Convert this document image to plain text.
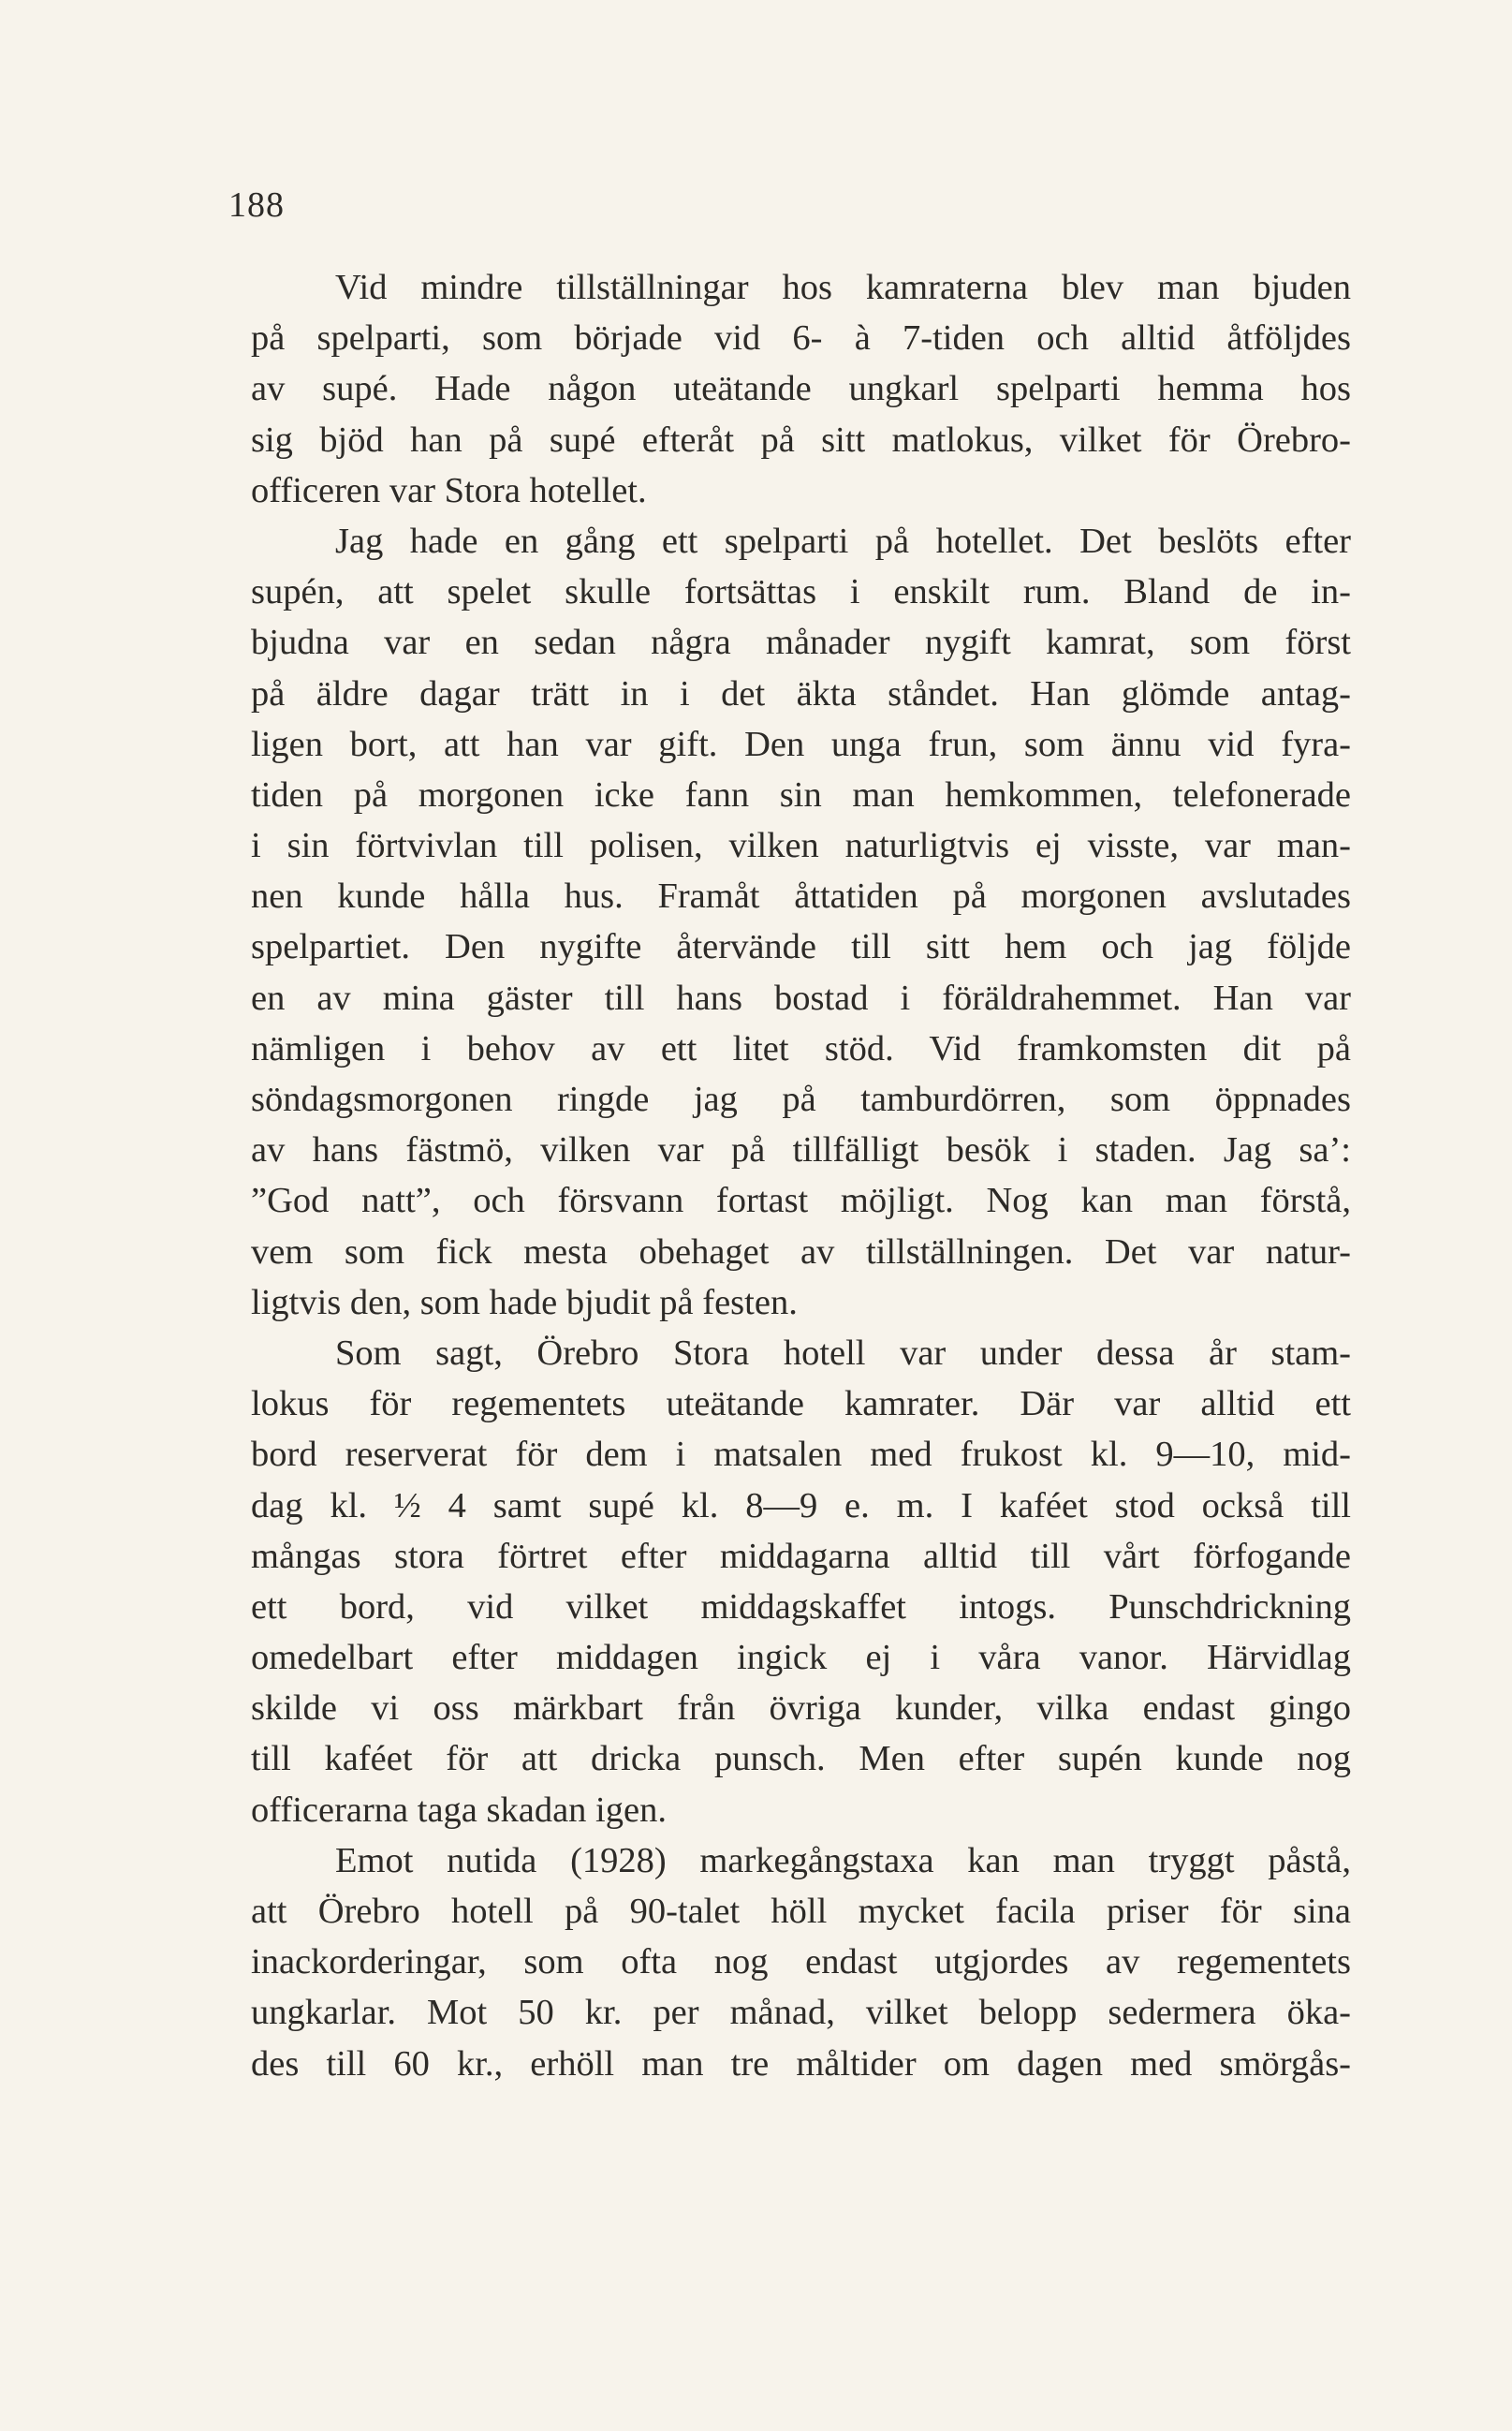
188

Vid mindre tillställningar hos kamraterna blev man bjuden
på spelparti, som började vid 6- à 7-tiden och alltid åtföljdes
av supé. Hade någon uteätande ungkarl spelparti hemma hos
sig bjöd han på supé efteråt på sitt matlokus, vilket för Örebro-
officeren var Stora hotellet.
Jag hade en gång ett spelparti på hotellet. Det beslöts efter
supén, att spelet skulle fortsättas i enskilt rum. Bland de in-
bjudna var en sedan några månader nygift kamrat, som först
på äldre dagar trätt in i det äkta ståndet. Han glömde antag-
ligen bort, att han var gift. Den unga frun, som ännu vid fyra-
tiden på morgonen icke fann sin man hemkommen, telefonerade
i sin förtvivlan till polisen, vilken naturligtvis ej visste, var man-
nen kunde hålla hus. Framåt åttatiden på morgonen avslutades
spelpartiet. Den nygifte återvände till sitt hem och jag följde
en av mina gäster till hans bostad i föräldrahemmet. Han var
nämligen i behov av ett litet stöd. Vid framkomsten dit på
söndagsmorgonen ringde jag på tamburdörren, som öppnades
av hans fästmö, vilken var på tillfälligt besök i staden. Jag sa’:
”God natt”, och försvann fortast möjligt. Nog kan man förstå,
vem som fick mesta obehaget av tillställningen. Det var natur-
ligtvis den, som hade bjudit på festen.
Som sagt, Örebro Stora hotell var under dessa år stam-
lokus för regementets uteätande kamrater. Där var alltid ett
bord reserverat för dem i matsalen med frukost kl. 9—10, mid-
dag kl. ½ 4 samt supé kl. 8—9 e. m. I kaféet stod också till
mångas stora förtret efter middagarna alltid till vårt förfogande
ett bord, vid vilket middagskaffet intogs. Punschdrickning
omedelbart efter middagen ingick ej i våra vanor. Härvidlag
skilde vi oss märkbart från övriga kunder, vilka endast gingo
till kaféet för att dricka punsch. Men efter supén kunde nog
officerarna taga skadan igen.
Emot nutida (1928) markegångstaxa kan man tryggt påstå,
att Örebro hotell på 90-talet höll mycket facila priser för sina
inackorderingar, som ofta nog endast utgjordes av regementets
ungkarlar. Mot 50 kr. per månad, vilket belopp sedermera öka-
des till 60 kr., erhöll man tre måltider om dagen med smörgås-
